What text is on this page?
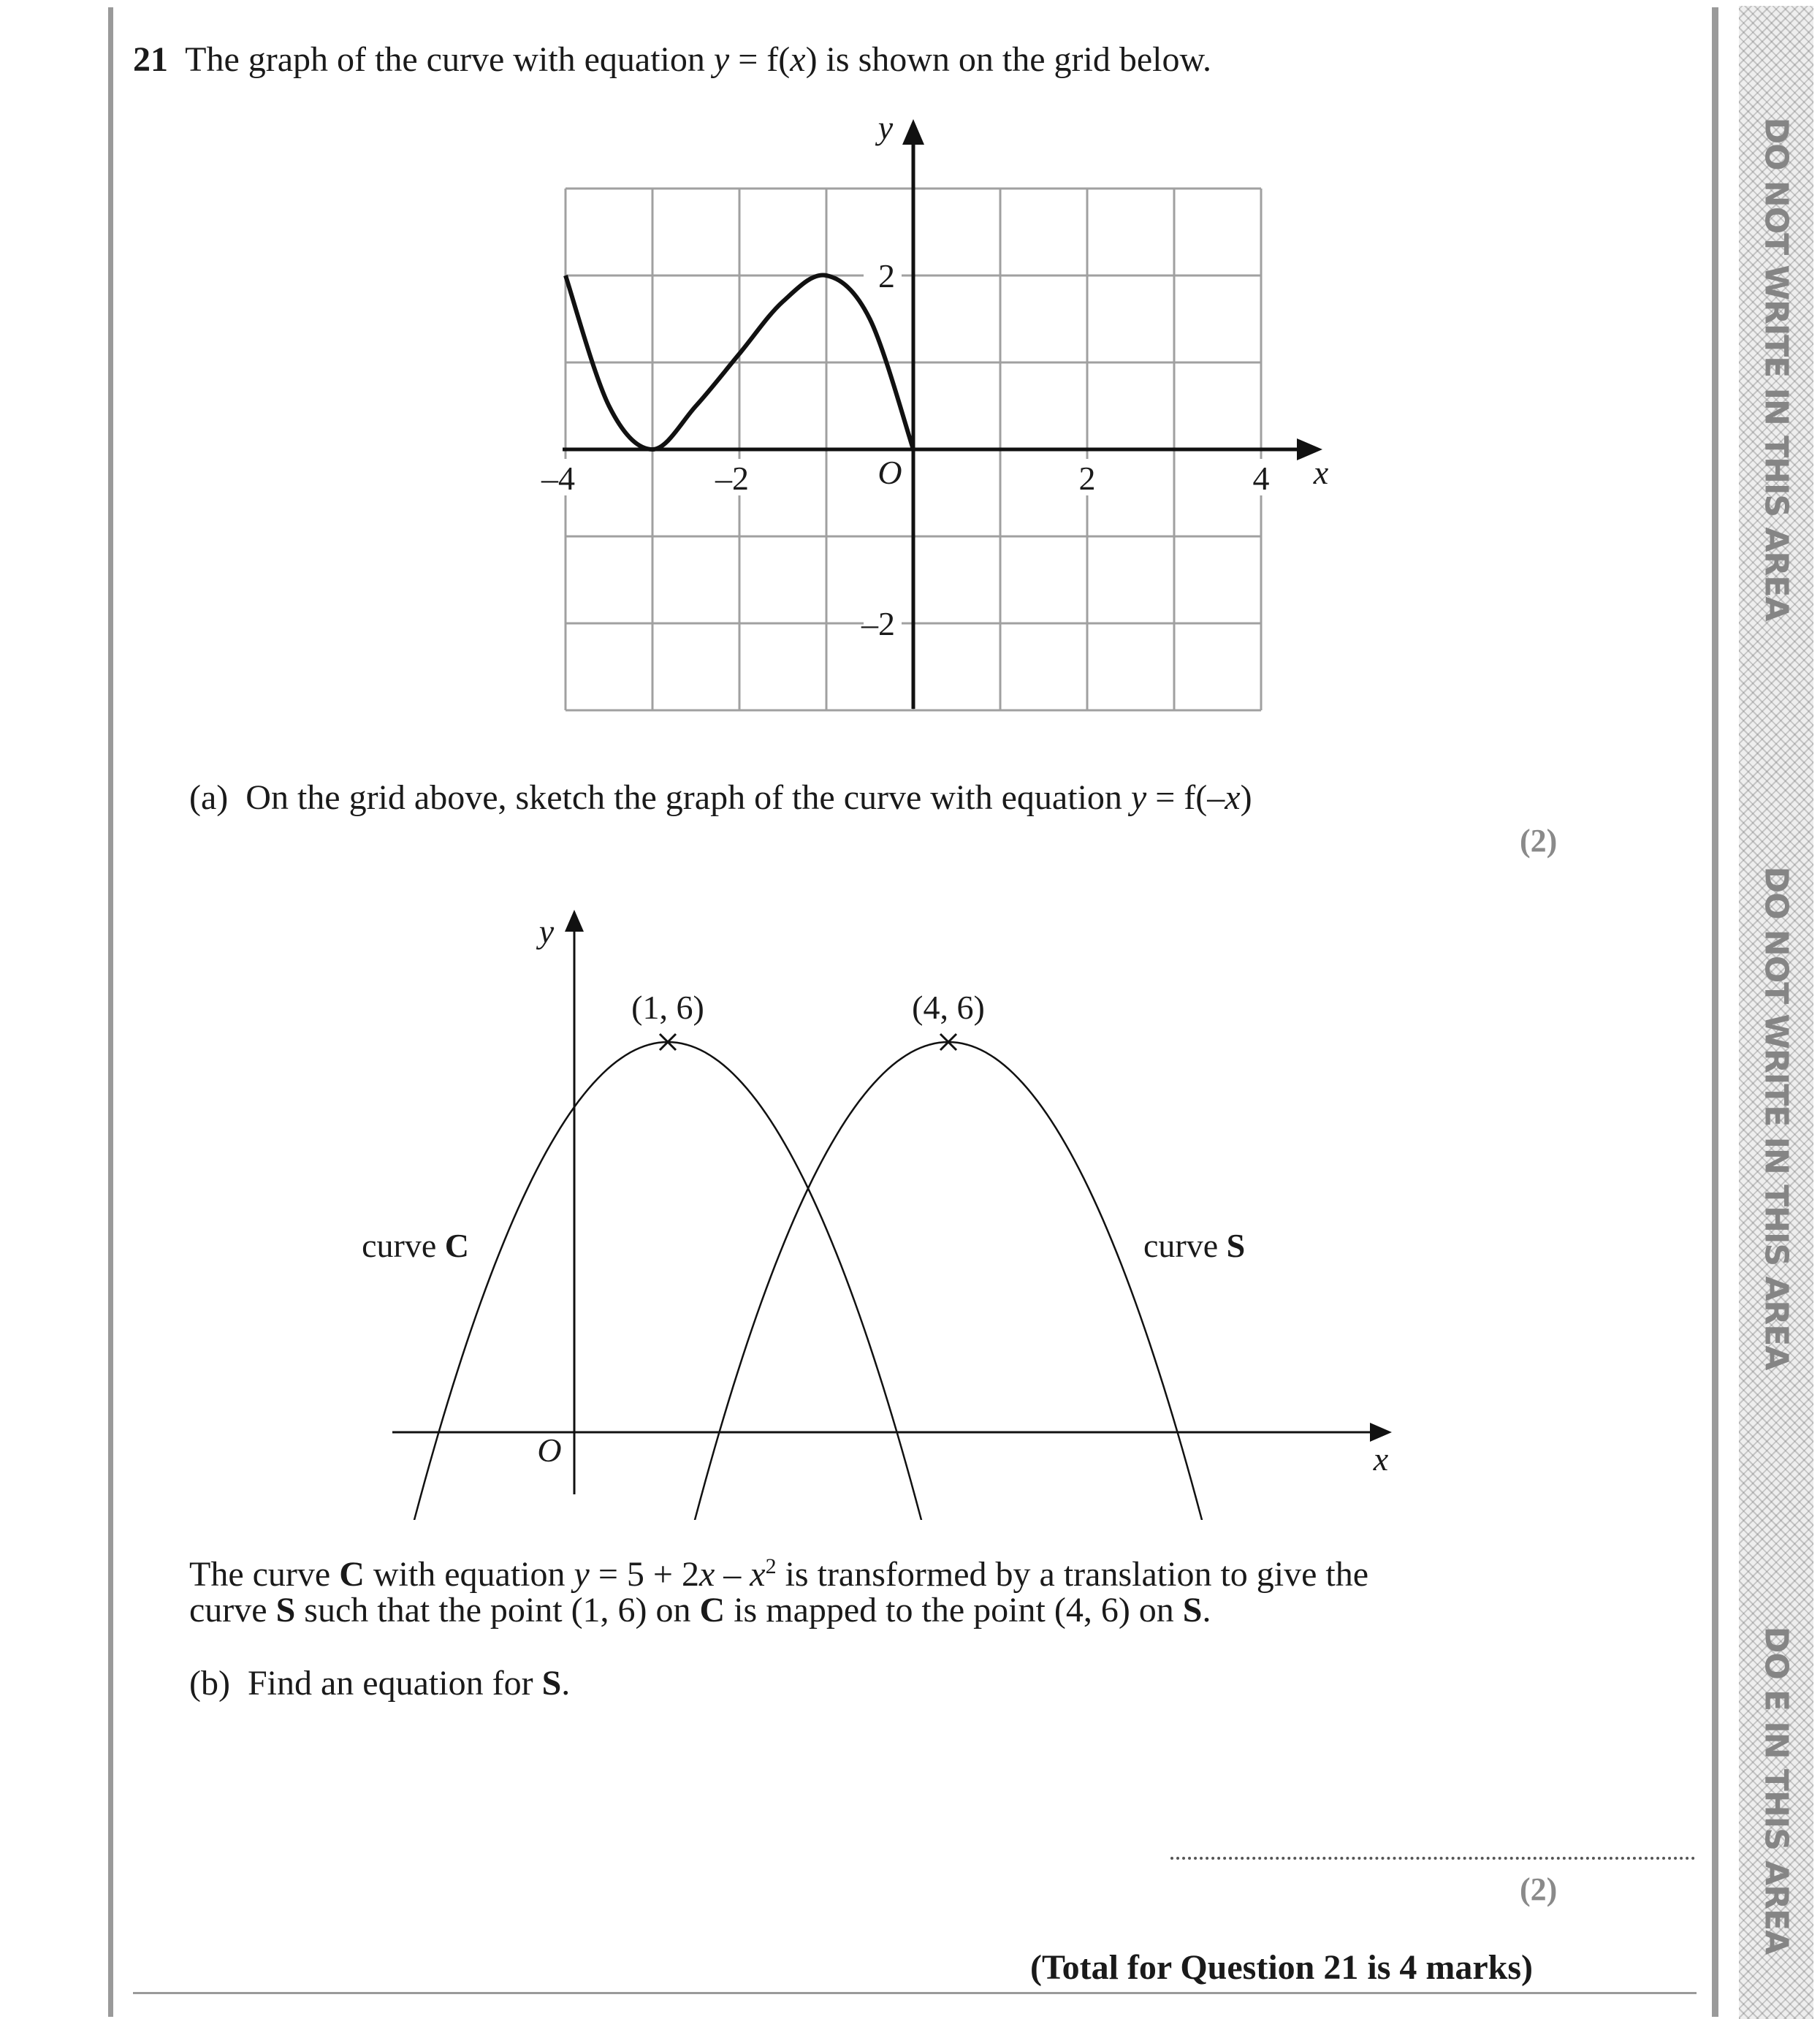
DO NOT WRITE IN THIS AREA
DO NOT WRITE IN THIS AREA
DO E IN THIS AREA
21 The graph of the curve with equation y = f(x) is shown on the grid below.
–4	–2	2	4
2
–2
O	x
y
(a) On the grid above, sketch the graph of the curve with equation y = f(–x)
(2)
(1, 6)	(4, 6)
curve C	curve S
O	x
y
The curve C with equation $y = 5 + 2x - x^2$ is transformed by a translation to give the
curve S such that the point (1, 6) on C is mapped to the point (4, 6) on S.
(b) Find an equation for S.
(2)
(Total for Question 21 is 4 marks)
